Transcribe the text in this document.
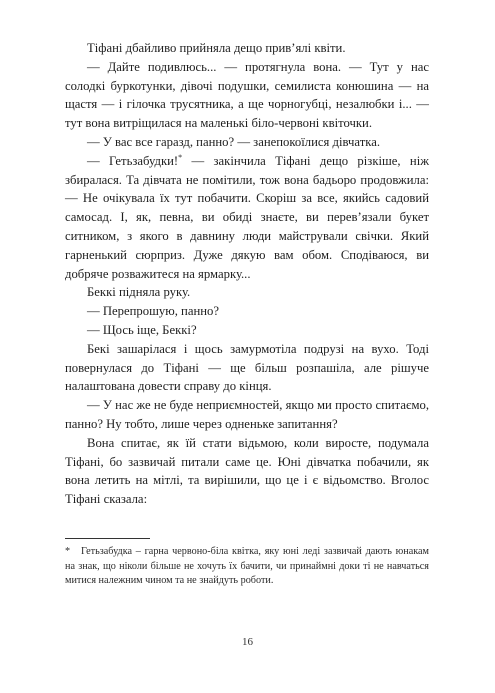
Тіфані дбайливо прийняла дещо прив’ялі квіти.

— Дайте подивлюсь... — протягнула вона. — Тут у нас солодкі буркотунки, дівочі подушки, семилиста конюшина — на щастя — і гілочка трусятника, а ще чорногубці, незалюбки і... — тут вона витріщилася на маленькі біло-червоні квіточки.

— У вас все гаразд, панно? — занепокоїлися дівчатка.

— Гетьзабудки!* — закінчила Тіфані дещо різкіше, ніж збиралася. Та дівчата не помітили, тож вона бадьоро продовжила: — Не очікувала їх тут побачити. Скоріш за все, якийсь садовий самосад. І, як, певна, ви обиді знаєте, ви перев’язали букет ситником, з якого в давнину люди майстрували свічки. Який гарненький сюрприз. Дуже дякую вам обом. Сподіваюся, ви добряче розважитеся на ярмарку...

Беккі підняла руку.

— Перепрошую, панно?

— Щось іще, Беккі?

Бекі зашарілася і щось замурмотіла подрузі на вухо. Тоді повернулася до Тіфані — ще більш розпашіла, але рішуче налаштована довести справу до кінця.

— У нас же не буде неприємностей, якщо ми просто спитаємо, панно? Ну тобто, лише через одненьке запитання?

Вона спитає, як їй стати відьмою, коли виросте, подумала Тіфані, бо зазвичай питали саме це. Юні дівчатка побачили, як вона летить на мітлі, та вирішили, що це і є відьомство. Вголос Тіфані сказала:

* Гетьзабудка – гарна червоно-біла квітка, яку юні леді зазвичай дають юнакам на знак, що ніколи більше не хочуть їх бачити, чи принаймні доки ті не навчаться митися належним чином та не знайдуть роботи.
16
